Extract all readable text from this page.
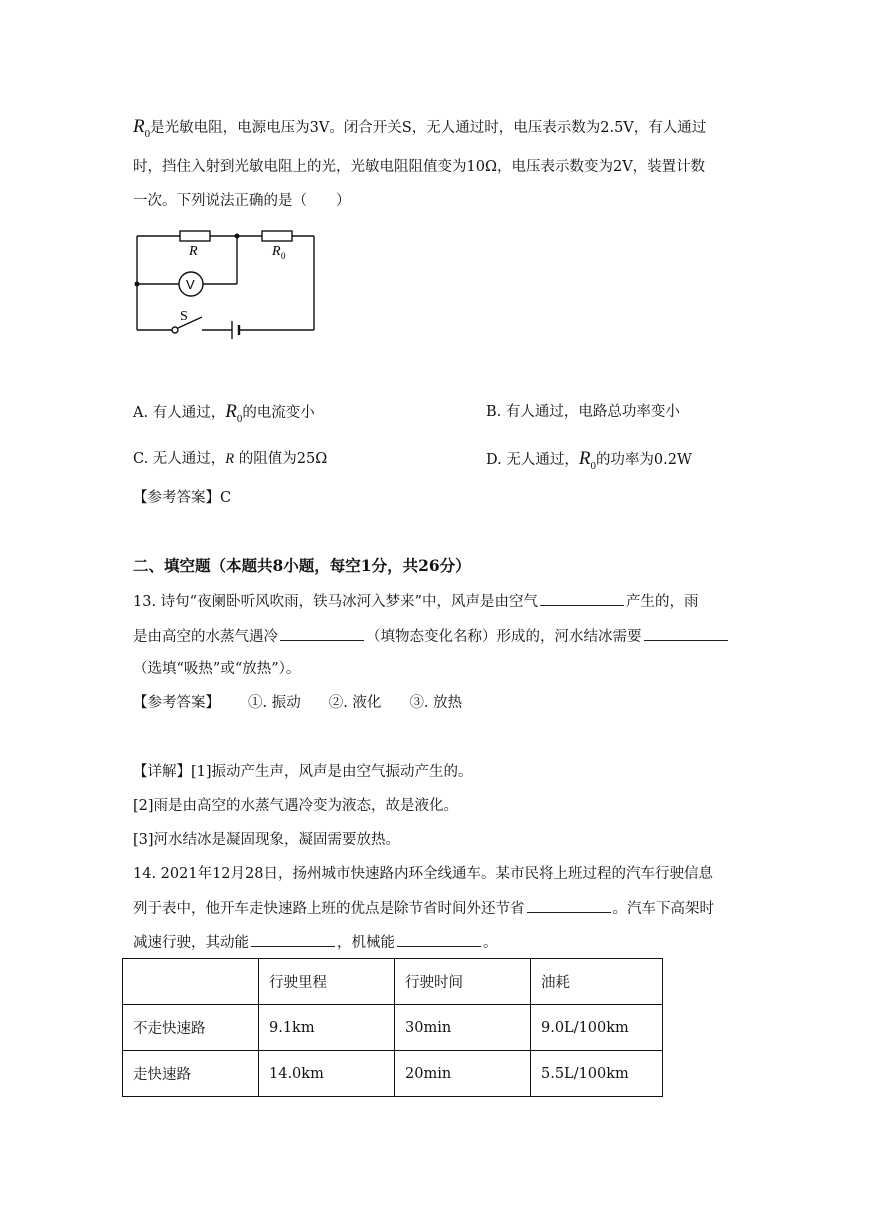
$R_0$是光敏电阻，电源电压为3V。闭合开关S，无人通过时，电压表示数为2.5V，有人通过
时，挡住入射到光敏电阻上的光，光敏电阻阻值变为10Ω，电压表示数变为2V，装置计数
一次。下列说法正确的是（　　）
R	R 0
V
S
A. 有人通过，$R_0$的电流变小	B. 有人通过，电路总功率变小
C. 无人通过，R 的阻值为25Ω	D. 无人通过，$R_0$的功率为0.2W
【参考答案】C
二、填空题（本题共8小题，每空1分，共26分）
13. 诗句“夜阑卧听风吹雨，铁马冰河入梦来”中，风声是由空气	产生的，雨
是由高空的水蒸气遇冷	（填物态变化名称）形成的，河水结冰需要
（选填“吸热”或“放热”）。
【参考答案】 ①. 振动 ②. 液化 ③. 放热
【详解】[1]振动产生声，风声是由空气振动产生的。
[2]雨是由高空的水蒸气遇冷变为液态，故是液化。
[3]河水结冰是凝固现象，凝固需要放热。
14. 2021年12月28日，扬州城市快速路内环全线通车。某市民将上班过程的汽车行驶信息
列于表中，他开车走快速路上班的优点是除节省时间外还节省	。汽车下高架时
减速行驶，其动能	，机械能	。
	行驶里程	行驶时间	油耗
不走快速路	9.1km	30min	9.0L/100km
走快速路	14.0km	20min	5.5L/100km
